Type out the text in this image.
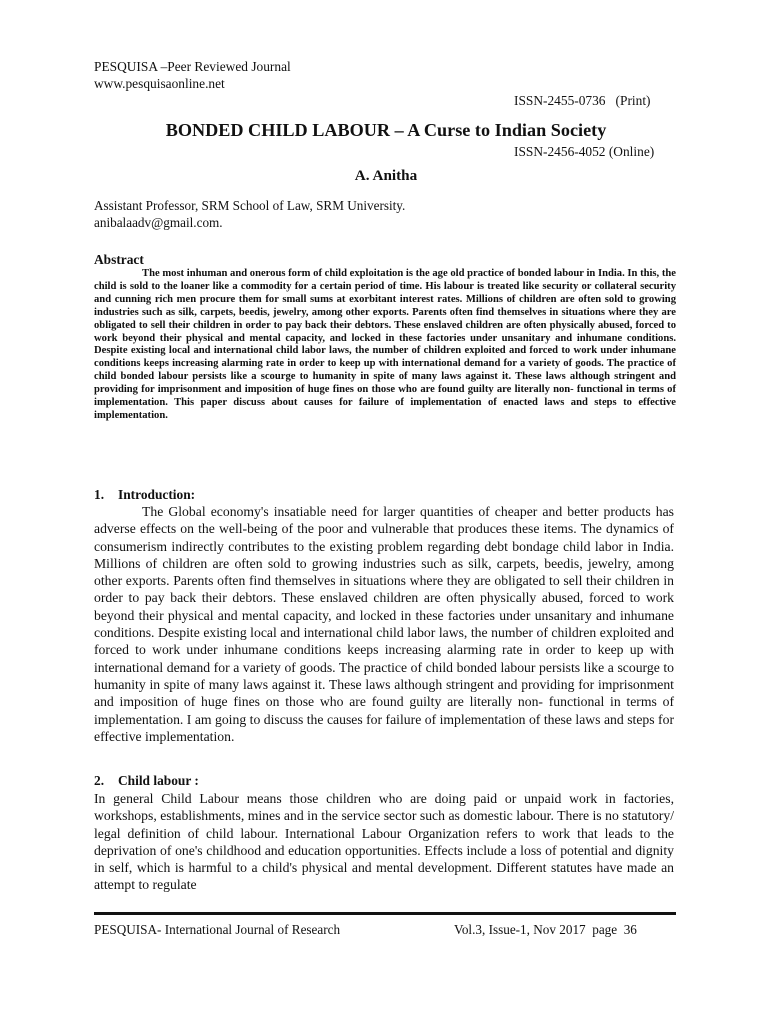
PESQUISA –Peer Reviewed Journal
www.pesquisaonline.net

ISSN-2455-0736   (Print)

ISSN-2456-4052 (Online)

BONDED CHILD LABOUR – A Curse to Indian Society
A. Anitha
Assistant Professor, SRM School of Law, SRM University.
anibalaadv@gmail.com.
Abstract
The most inhuman and onerous form of child exploitation is the age old practice of bonded labour in India. In this, the child is sold to the loaner like a commodity for a certain period of time. His labour is treated like security or collateral security and cunning rich men procure them for small sums at exorbitant interest rates. Millions of children are often sold to growing industries such as silk, carpets, beedis, jewelry, among other exports. Parents often find themselves in situations where they are obligated to sell their children in order to pay back their debtors. These enslaved children are often physically abused, forced to work beyond their physical and mental capacity, and locked in these factories under unsanitary and inhumane conditions. Despite existing local and international child labor laws, the number of children exploited and forced to work under inhumane conditions keeps increasing alarming rate in order to keep up with international demand for a variety of goods. The practice of child bonded labour persists like a scourge to humanity in spite of many laws against it. These laws although stringent and providing for imprisonment and imposition of huge fines on those who are found guilty are literally non- functional in terms of implementation. This paper discuss about causes for failure of implementation of enacted laws and steps to effective implementation.
1. Introduction:
The Global economy's insatiable need for larger quantities of cheaper and better products has adverse effects on the well-being of the poor and vulnerable that produces these items. The dynamics of consumerism indirectly contributes to the existing problem regarding debt bondage child labor in India. Millions of children are often sold to growing industries such as silk, carpets, beedis, jewelry, among other exports. Parents often find themselves in situations where they are obligated to sell their children in order to pay back their debtors. These enslaved children are often physically abused, forced to work beyond their physical and mental capacity, and locked in these factories under unsanitary and inhumane conditions. Despite existing local and international child labor laws, the number of children exploited and forced to work under inhumane conditions keeps increasing alarming rate in order to keep up with international demand for a variety of goods. The practice of child bonded labour persists like a scourge to humanity in spite of many laws against it. These laws although stringent and providing for imprisonment and imposition of huge fines on those who are found guilty are literally non- functional in terms of implementation. I am going to discuss the causes for failure of implementation of these laws and steps for effective implementation.
2. Child labour :
In general Child Labour means those children who are doing paid or unpaid work in factories, workshops, establishments, mines and in the service sector such as domestic labour. There is no statutory/ legal definition of child labour. International Labour Organization refers to work that leads to the deprivation of one's childhood and education opportunities. Effects include a loss of potential and dignity in self, which is harmful to a child's physical and mental development. Different statutes have made an attempt to regulate
PESQUISA- International Journal of Research	Vol.3, Issue-1, Nov 2017  page  36
